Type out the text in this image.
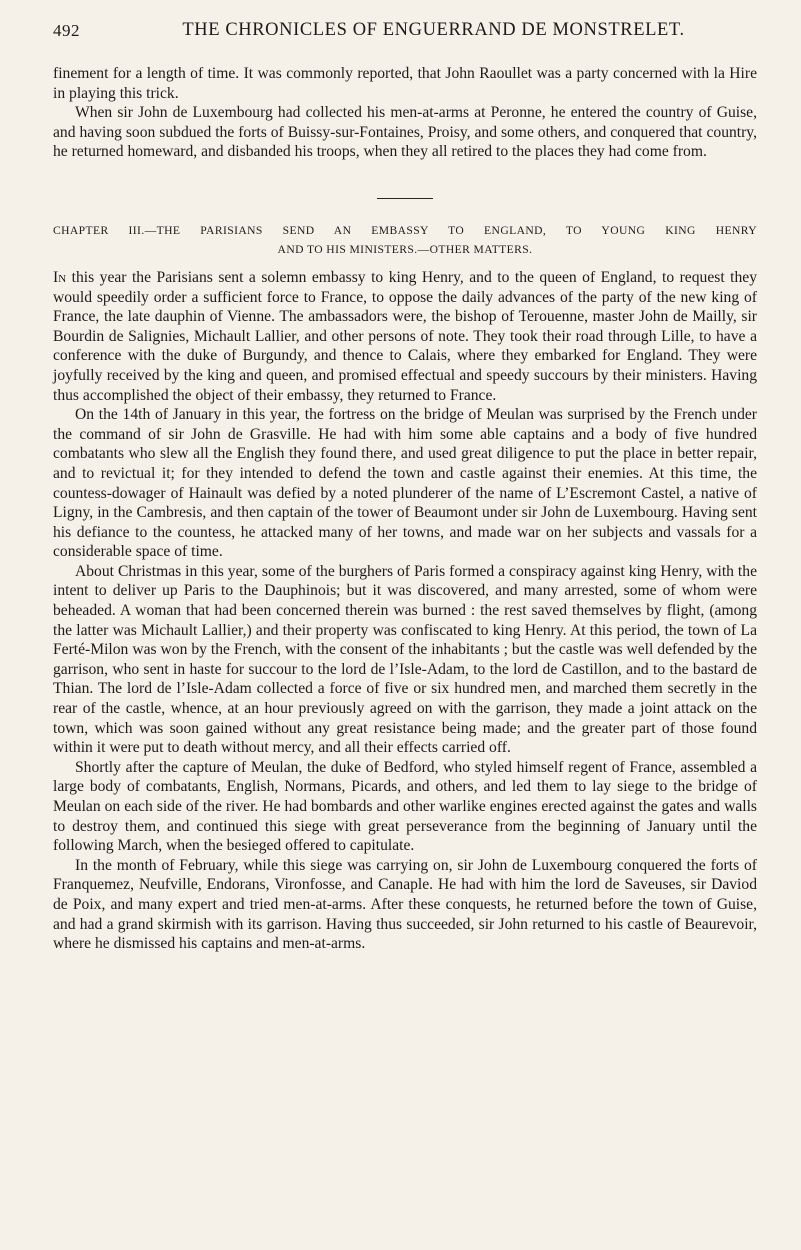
492	THE CHRONICLES OF ENGUERRAND DE MONSTRELET.

finement for a length of time. It was commonly reported, that John Raoullet was a party concerned with la Hire in playing this trick.

When sir John de Luxembourg had collected his men-at-arms at Peronne, he entered the country of Guise, and having soon subdued the forts of Buissy-sur-Fontaines, Proisy, and some others, and conquered that country, he returned homeward, and disbanded his troops, when they all retired to the places they had come from.

CHAPTER III.—THE PARISIANS SEND AN EMBASSY TO ENGLAND, TO YOUNG KING HENRY
AND TO HIS MINISTERS.—OTHER MATTERS.

In this year the Parisians sent a solemn embassy to king Henry, and to the queen of England, to request they would speedily order a sufficient force to France, to oppose the daily advances of the party of the new king of France, the late dauphin of Vienne. The ambassadors were, the bishop of Terouenne, master John de Mailly, sir Bourdin de Salignies, Michault Lallier, and other persons of note. They took their road through Lille, to have a conference with the duke of Burgundy, and thence to Calais, where they embarked for England. They were joyfully received by the king and queen, and promised effectual and speedy succours by their ministers. Having thus accomplished the object of their embassy, they returned to France.

On the 14th of January in this year, the fortress on the bridge of Meulan was surprised by the French under the command of sir John de Grasville. He had with him some able captains and a body of five hundred combatants who slew all the English they found there, and used great diligence to put the place in better repair, and to revictual it; for they intended to defend the town and castle against their enemies. At this time, the countess-dowager of Hainault was defied by a noted plunderer of the name of L’Escremont Castel, a native of Ligny, in the Cambresis, and then captain of the tower of Beaumont under sir John de Luxembourg. Having sent his defiance to the countess, he attacked many of her towns, and made war on her subjects and vassals for a considerable space of time.

About Christmas in this year, some of the burghers of Paris formed a conspiracy against king Henry, with the intent to deliver up Paris to the Dauphinois; but it was discovered, and many arrested, some of whom were beheaded. A woman that had been concerned therein was burned : the rest saved themselves by flight, (among the latter was Michault Lallier,) and their property was confiscated to king Henry. At this period, the town of La Ferté-Milon was won by the French, with the consent of the inhabitants ; but the castle was well defended by the garrison, who sent in haste for succour to the lord de l’Isle-Adam, to the lord de Castillon, and to the bastard de Thian. The lord de l’Isle-Adam collected a force of five or six hundred men, and marched them secretly in the rear of the castle, whence, at an hour previously agreed on with the garrison, they made a joint attack on the town, which was soon gained without any great resistance being made; and the greater part of those found within it were put to death without mercy, and all their effects carried off.

Shortly after the capture of Meulan, the duke of Bedford, who styled himself regent of France, assembled a large body of combatants, English, Normans, Picards, and others, and led them to lay siege to the bridge of Meulan on each side of the river. He had bombards and other warlike engines erected against the gates and walls to destroy them, and continued this siege with great perseverance from the beginning of January until the following March, when the besieged offered to capitulate.

In the month of February, while this siege was carrying on, sir John de Luxembourg conquered the forts of Franquemez, Neufville, Endorans, Vironfosse, and Canaple. He had with him the lord de Saveuses, sir Daviod de Poix, and many expert and tried men-at-arms. After these conquests, he returned before the town of Guise, and had a grand skirmish with its garrison. Having thus succeeded, sir John returned to his castle of Beaurevoir, where he dismissed his captains and men-at-arms.
